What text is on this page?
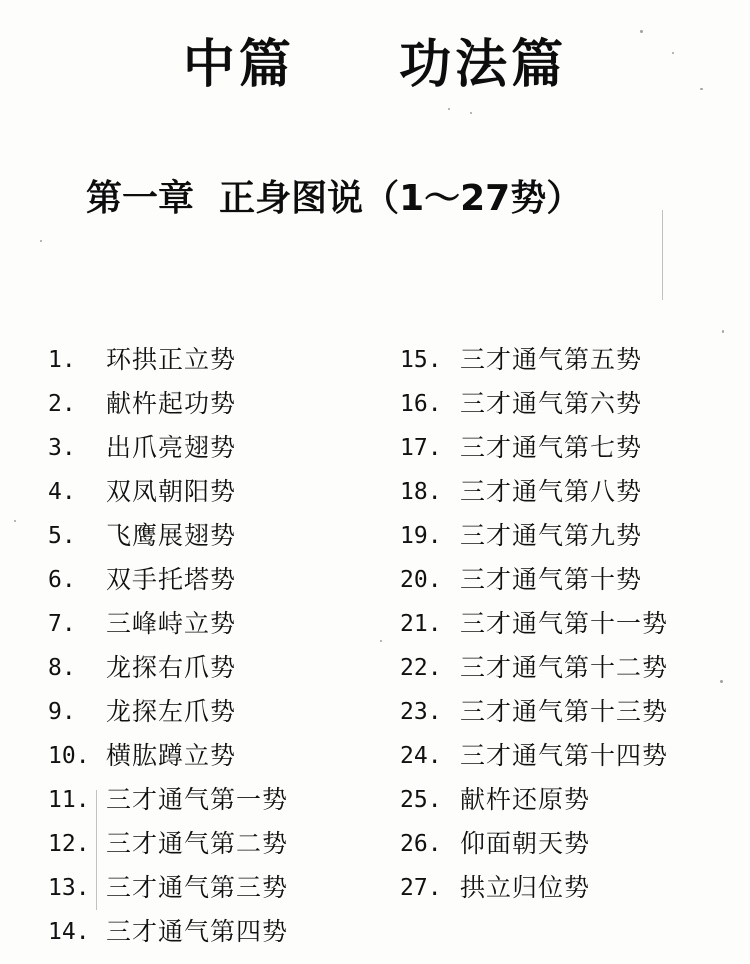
中篇  功法篇
第一章  正身图说（1～27势）
1.	环拱正立势
2.	献杵起功势
3.	出爪亮翅势
4.	双凤朝阳势
5.	飞鹰展翅势
6.	双手托塔势
7.	三峰峙立势
8.	龙探右爪势
9.	龙探左爪势
10. 横肱蹲立势
11. 三才通气第一势
12. 三才通气第二势
13. 三才通气第三势
14. 三才通气第四势
15. 三才通气第五势
16. 三才通气第六势
17. 三才通气第七势
18. 三才通气第八势
19. 三才通气第九势
20. 三才通气第十势
21. 三才通气第十一势
22. 三才通气第十二势
23. 三才通气第十三势
24. 三才通气第十四势
25. 献杵还原势
26. 仰面朝天势
27. 拱立归位势
